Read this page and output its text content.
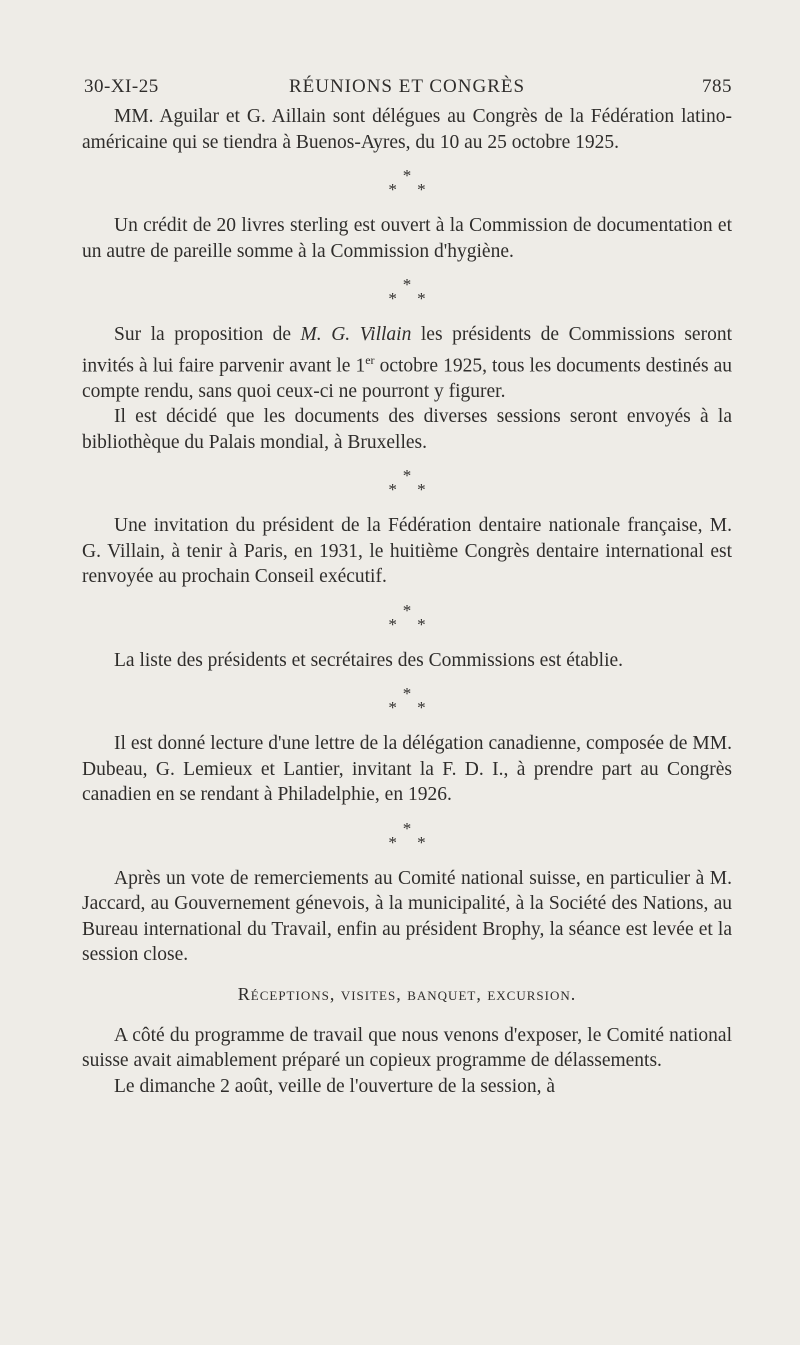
30-XI-25	RÉUNIONS ET CONGRÈS	785

MM. Aguilar et G. Aillain sont délégues au Congrès de la Fédération latino-américaine qui se tiendra à Buenos-Ayres, du 10 au 25 octobre 1925.

*
* *

Un crédit de 20 livres sterling est ouvert à la Commission de documentation et un autre de pareille somme à la Commission d'hygiène.

*
* *

Sur la proposition de M. G. Villain les présidents de Commissions seront invités à lui faire parvenir avant le 1er octobre 1925, tous les documents destinés au compte rendu, sans quoi ceux-ci ne pourront y figurer.

Il est décidé que les documents des diverses sessions seront envoyés à la bibliothèque du Palais mondial, à Bruxelles.

*
* *

Une invitation du président de la Fédération dentaire nationale française, M. G. Villain, à tenir à Paris, en 1931, le huitième Congrès dentaire international est renvoyée au prochain Conseil exécutif.

*
* *

La liste des présidents et secrétaires des Commissions est établie.

*
* *

Il est donné lecture d'une lettre de la délégation canadienne, composée de MM. Dubeau, G. Lemieux et Lantier, invitant la F. D. I., à prendre part au Congrès canadien en se rendant à Philadelphie, en 1926.

*
* *

Après un vote de remerciements au Comité national suisse, en particulier à M. Jaccard, au Gouvernement génevois, à la municipalité, à la Société des Nations, au Bureau international du Travail, enfin au président Brophy, la séance est levée et la session close.

Réceptions, visites, banquet, excursion.

A côté du programme de travail que nous venons d'exposer, le Comité national suisse avait aimablement préparé un copieux programme de délassements.

Le dimanche 2 août, veille de l'ouverture de la session, à
